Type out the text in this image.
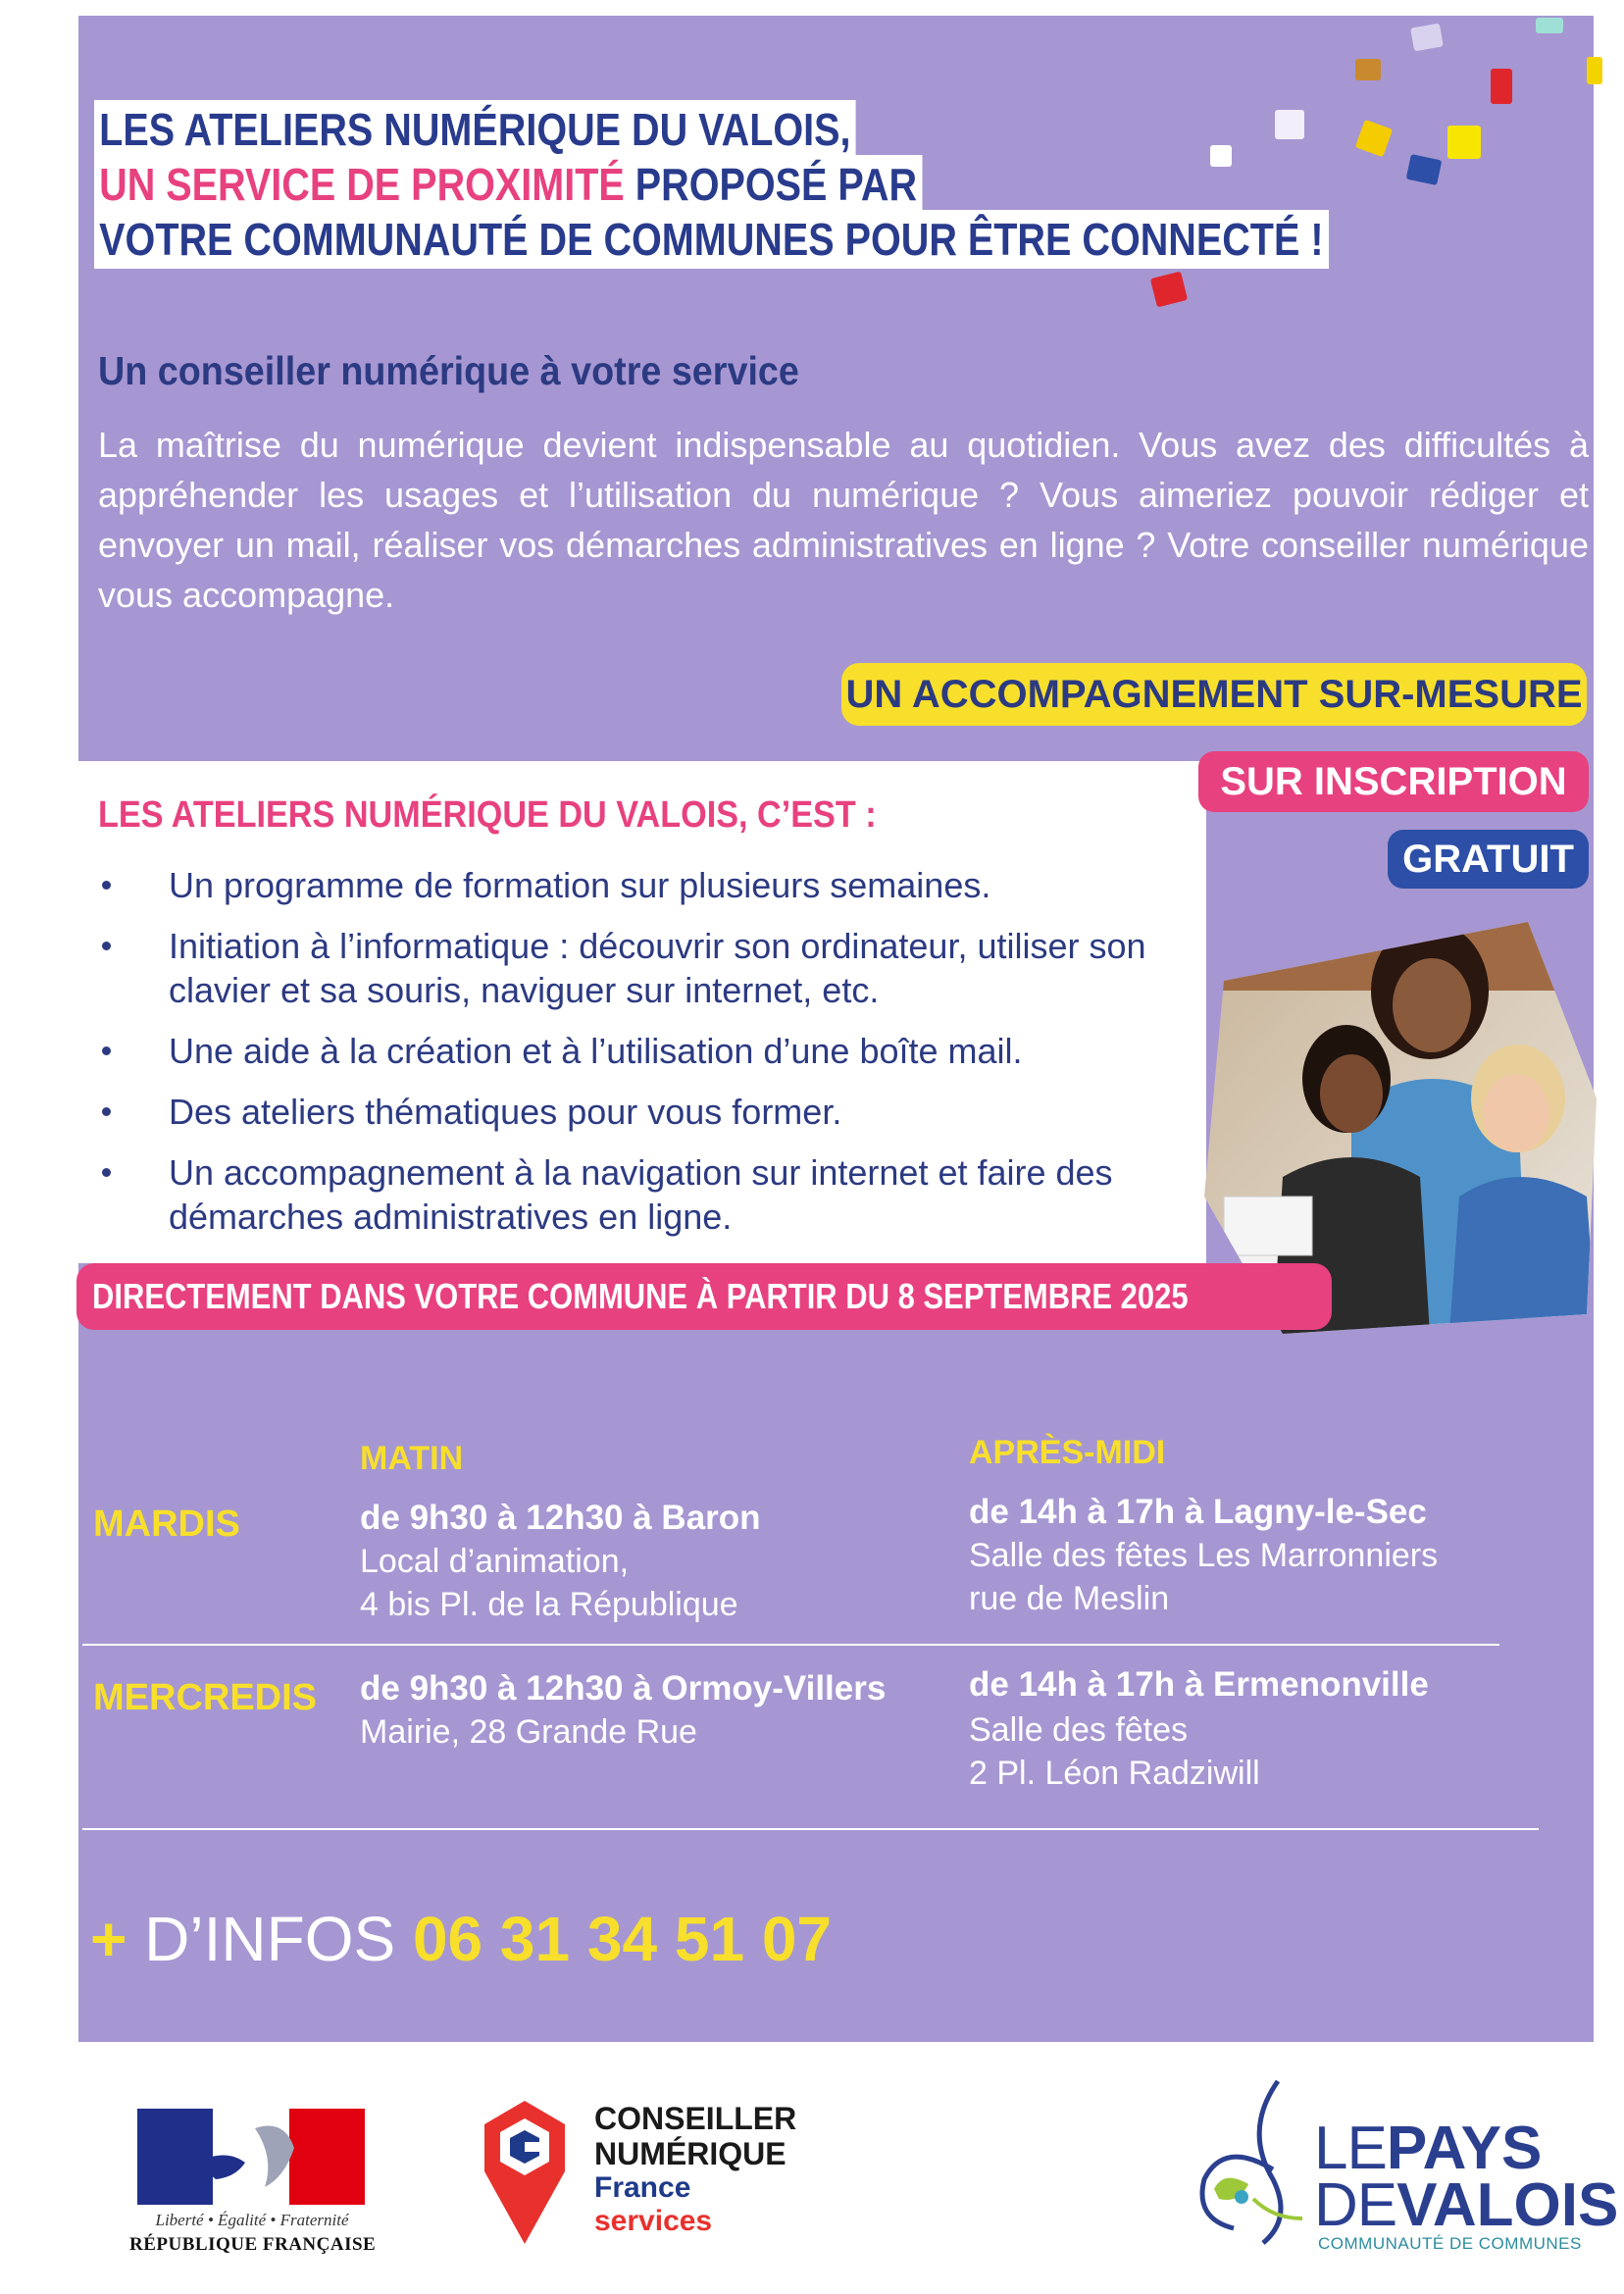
LES ATELIERS NUMÉRIQUE DU VALOIS,
UN SERVICE DE PROXIMITÉ PROPOSÉ PAR
VOTRE COMMUNAUTÉ DE COMMUNES POUR ÊTRE CONNECTÉ !
Un conseiller numérique à votre service

La maîtrise du numérique devient indispensable au quotidien. Vous avez des difficultés à appréhender les usages et l’utilisation du numérique ? Vous aimeriez pouvoir rédiger et envoyer un mail, réaliser vos démarches administratives en ligne ? Votre conseiller numérique vous accompagne.

UN ACCOMPAGNEMENT SUR-MESURE
SUR INSCRIPTION
GRATUIT
LES ATELIERS NUMÉRIQUE DU VALOIS, C’EST :
Un programme de formation sur plusieurs semaines.
Initiation à l’informatique : découvrir son ordinateur, utiliser son clavier et sa souris, naviguer sur internet, etc.
Une aide à la création et à l’utilisation d’une boîte mail.
Des ateliers thématiques pour vous former.
Un accompagnement à la navigation sur internet et faire des démarches administratives en ligne.
DIRECTEMENT DANS VOTRE COMMUNE À PARTIR DU 8 SEPTEMBRE 2025
MATIN	APRÈS-MIDI
MARDIS	de 9h30 à 12h30 à Baron
Local d’animation,
4 bis Pl. de la République
de 14h à 17h à Lagny-le-Sec
Salle des fêtes Les Marronniers
rue de Meslin
MERCREDIS de 9h30 à 12h30 à Ormoy-Villers
Mairie, 28 Grande Rue
de 14h à 17h à Ermenonville
Salle des fêtes
2 Pl. Léon Radziwill
+ D’INFOS 06 31 34 51 07
Liberté • Égalité • Fraternité
RÉPUBLIQUE FRANÇAISE
CONSEILLER
NUMÉRIQUE
France
services
LEPAYS
DEVALOIS
COMMUNAUTÉ DE COMMUNES
